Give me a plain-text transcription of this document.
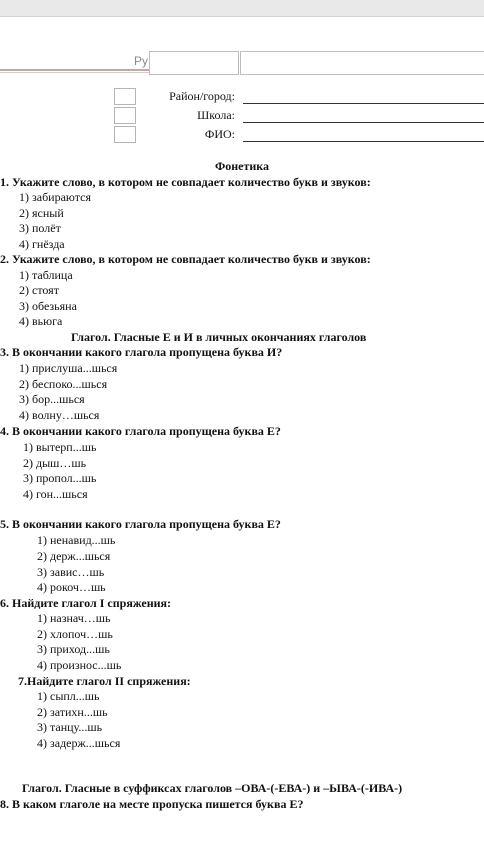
Ру
Район/город:
Школа:
ФИО:
Фонетика
1. Укажите слово, в котором не совпадает количество букв и звуков:
1) забираются
2) ясный
3) полёт
4) гнёзда
2. Укажите слово, в котором не совпадает количество букв и звуков:
1) таблица
2) стоят
3) обезьяна
4) вьюга
Глагол. Гласные Е и И в личных окончаниях глаголов
3. В окончании какого глагола пропущена буква И?
1) прислуша...шься
2) беспоко...шься
3) бор...шься
4) волну…шься
4. В окончании какого глагола пропущена буква Е?
1) вытерп...шь
2) дыш…шь
3) пропол...шь
4) гон...шься
5. В окончании какого глагола пропущена буква Е?
1) ненавид...шь
2) держ...шься
3) завис…шь
4) рокоч…шь
6. Найдите глагол I спряжения:
1) назнач…шь
2) хлопоч…шь
3) приход...шь
4) произнос...шь
7.Найдите глагол II спряжения:
1) сыпл...шь
2) затихн...шь
3) танцу...шь
4) задерж...шься
Глагол. Гласные в суффиксах глаголов –ОВА-(-ЕВА-) и –ЫВА-(-ИВА-)
8. В каком глаголе на месте пропуска пишется буква Е?
